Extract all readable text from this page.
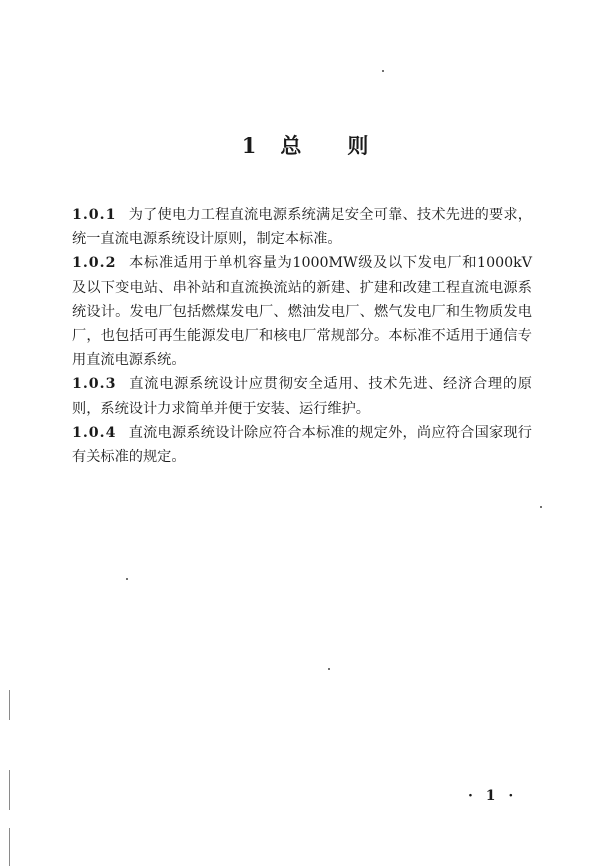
1 总 则

1.0.1 为了使电力工程直流电源系统满足安全可靠、技术先进的要求，统一直流电源系统设计原则，制定本标准。

1.0.2 本标准适用于单机容量为1000MW级及以下发电厂和1000kV及以下变电站、串补站和直流换流站的新建、扩建和改建工程直流电源系统设计。发电厂包括燃煤发电厂、燃油发电厂、燃气发电厂和生物质发电厂，也包括可再生能源发电厂和核电厂常规部分。本标准不适用于通信专用直流电源系统。

1.0.3 直流电源系统设计应贯彻安全适用、技术先进、经济合理的原则，系统设计力求简单并便于安装、运行维护。

1.0.4 直流电源系统设计除应符合本标准的规定外，尚应符合国家现行有关标准的规定。

· 1 ·
